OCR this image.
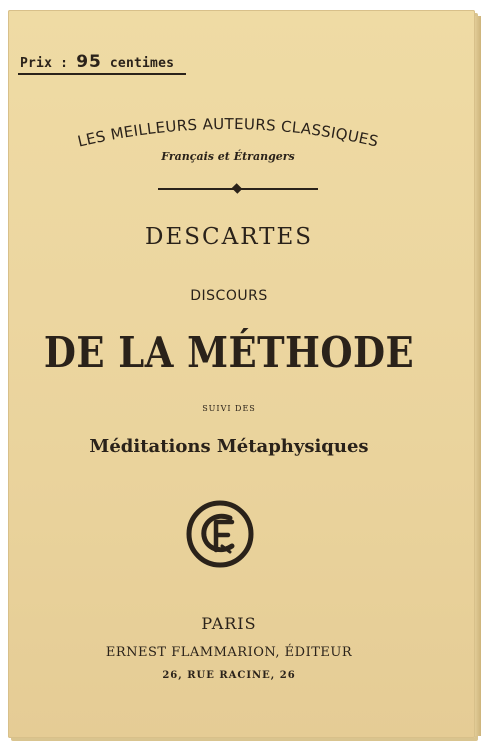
Prix : 95 centimes
LES MEILLEURS AUTEURS CLASSIQUES
Français et Étrangers
DESCARTES
DISCOURS
DE LA MÉTHODE
SUIVI DES
Méditations Métaphysiques
PARIS
ERNEST FLAMMARION, ÉDITEUR
26, RUE RACINE, 26
